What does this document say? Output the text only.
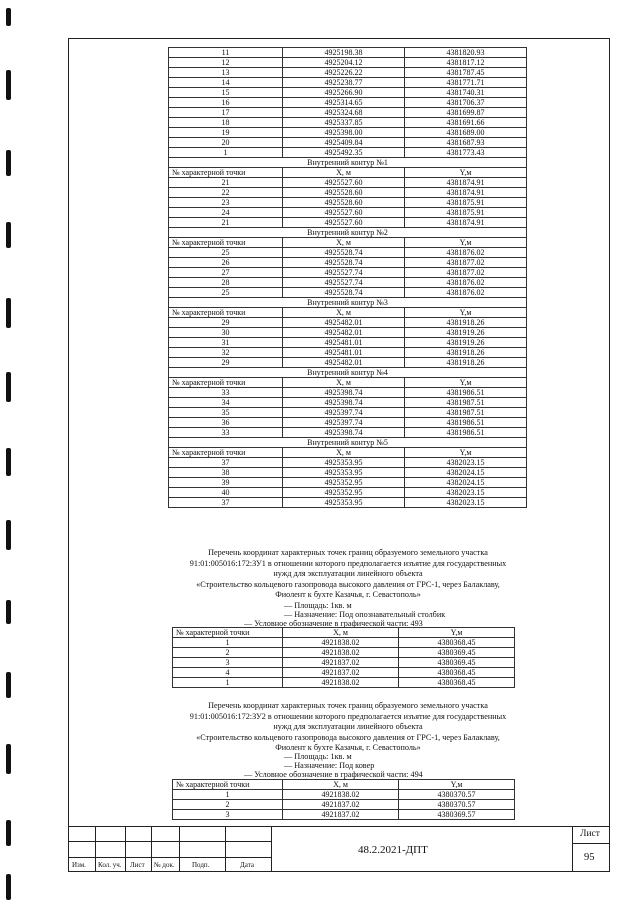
11	4925198.38	4381820.93
12	4925204.12	4381817.12
13	4925226.22	4381787.45
14	4925238.77	4381771.71
15	4925266.90	4381740.31
16	4925314.65	4381706.37
17	4925324.68	4381699.87
18	4925337.85	4381691.66
19	4925398.00	4381689.00
20	4925409.84	4381687.93
1	4925492.35	4381773.43
Внутренний контур №1		
№ характерной точки	X, м	Y,м
21	4925527.60	4381874.91
22	4925528.60	4381874.91
23	4925528.60	4381875.91
24	4925527.60	4381875.91
21	4925527.60	4381874.91
Внутренний контур №2		
№ характерной точки	X, м	Y,м
25	4925528.74	4381876.02
26	4925528.74	4381877.02
27	4925527.74	4381877.02
28	4925527.74	4381876.02
25	4925528.74	4381876.02
Внутренний контур №3		
№ характерной точки	X, м	Y,м
29	4925482.01	4381918.26
30	4925482.01	4381919.26
31	4925481.01	4381919.26
32	4925481.01	4381918.26
29	4925482.01	4381918.26
Внутренний контур №4		
№ характерной точки	X, м	Y,м
33	4925398.74	4381986.51
34	4925398.74	4381987.51
35	4925397.74	4381987.51
36	4925397.74	4381986.51
33	4925398.74	4381986.51
Внутренний контур №5		
№ характерной точки	X, м	Y,м
37	4925353.95	4382023.15
38	4925353.95	4382024.15
39	4925352.95	4382024.15
40	4925352.95	4382023.15
37	4925353.95	4382023.15
Перечень координат характерных точек границ образуемого земельного участка
91:01:005016:172:ЗУ1 в отношении которого предполагается изъятие для государственных
нужд для эксплуатации линейного объекта
«Строительство кольцевого газопровода высокого давления от ГРС-1, через Балаклаву,
Фиолент к бухте Казачья, г. Севастополь»
— Площадь: 1кв. м
— Назначение: Под опознавательный столбик
— Условное обозначение в графической части: 493
№ характерной точки	X, м	Y,м
1	4921838.02	4380368.45
2	4921838.02	4380369.45
3	4921837.02	4380369.45
4	4921837.02	4380368.45
1	4921838.02	4380368.45
Перечень координат характерных точек границ образуемого земельного участка
91:01:005016:172:ЗУ2 в отношении которого предполагается изъятие для государственных
нужд для эксплуатации линейного объекта
«Строительство кольцевого газопровода высокого давления от ГРС-1, через Балаклаву,
Фиолент к бухте Казачья, г. Севастополь»
— Площадь: 1кв. м
— Назначение: Под ковер
— Условное обозначение в графической части: 494
№ характерной точки	X, м	Y,м
1	4921838.02	4380370.57
2	4921837.02	4380370.57
3	4921837.02	4380369.57
Изм. Кол. уч. Лист № док. Подп.	Дата
48.2.2021-ДПТ
Лист
95
